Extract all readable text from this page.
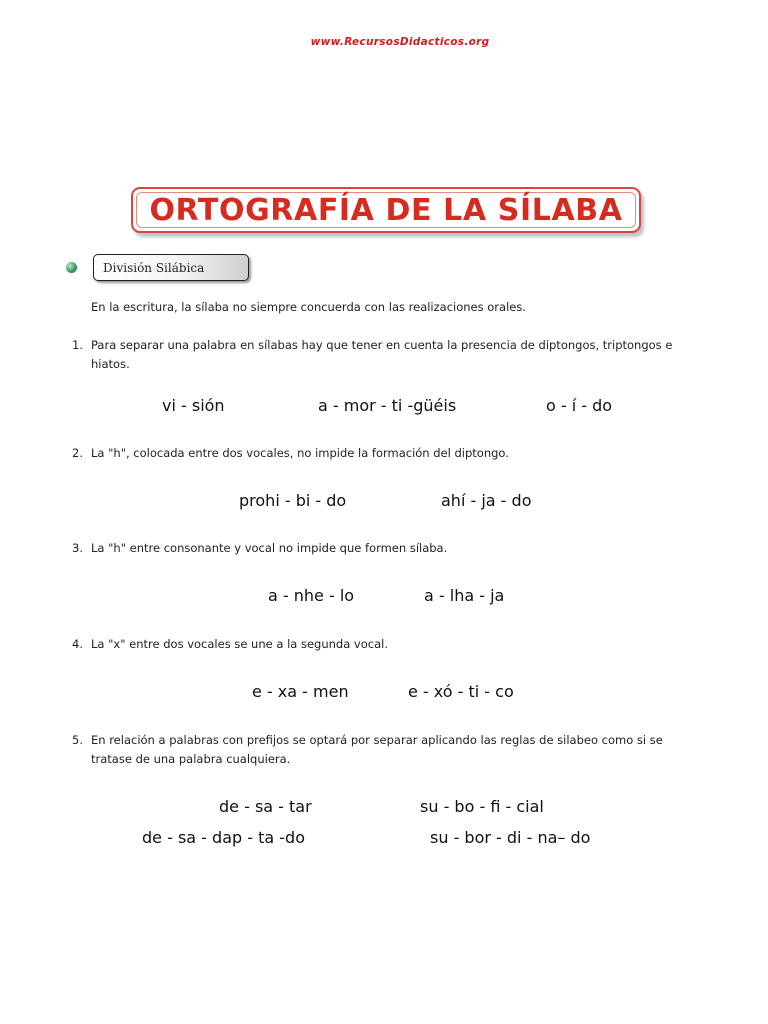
www.RecursosDidacticos.org
ORTOGRAFÍA DE LA SÍLABA
División Silábica
En la escritura, la sílaba no siempre concuerda con las realizaciones orales.
1. Para separar una palabra en sílabas hay que tener en cuenta la presencia de diptongos, triptongos e hiatos.
vi - sión	a - mor - ti -güéis	o - í - do
2. La "h", colocada entre dos vocales, no impide la formación del diptongo.
prohi - bi - do	ahí - ja - do
3. La "h" entre consonante y vocal no impide que formen sílaba.
a - nhe - lo	a - lha - ja
4. La "x" entre dos vocales se une a la segunda vocal.
e - xa - men	e - xó - ti - co
5. En relación a palabras con prefijos se optará por separar aplicando las reglas de silabeo como si se tratase de una palabra cualquiera.
de - sa - tar	su - bo - fi - cial
de - sa - dap - ta -do	su - bor - di - na– do
